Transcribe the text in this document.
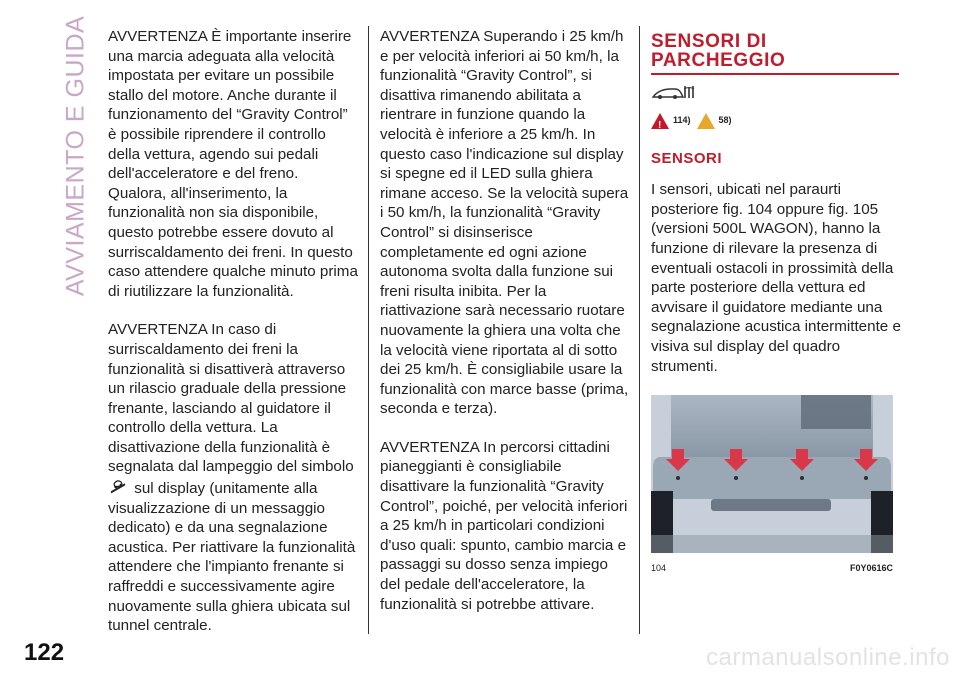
AVVIAMENTO E GUIDA
122

AVVERTENZA È importante inserire una marcia adeguata alla velocità impostata per evitare un possibile stallo del motore. Anche durante il funzionamento del “Gravity Control” è possibile riprendere il controllo della vettura, agendo sui pedali dell'acceleratore e del freno. Qualora, all'inserimento, la funzionalità non sia disponibile, questo potrebbe essere dovuto al surriscaldamento dei freni. In questo caso attendere qualche minuto prima di riutilizzare la funzionalità.

AVVERTENZA In caso di surriscaldamento dei freni la funzionalità si disattiverà attraverso un rilascio graduale della pressione frenante, lasciando al guidatore il controllo della vettura. La disattivazione della funzionalità è segnalata dal lampeggio del simbolo  sul display (unitamente alla visualizzazione di un messaggio dedicato) e da una segnalazione acustica. Per riattivare la funzionalità attendere che l'impianto frenante si raffreddi e successivamente agire nuovamente sulla ghiera ubicata sul tunnel centrale.

AVVERTENZA Superando i 25 km/h e per velocità inferiori ai 50 km/h, la funzionalità “Gravity Control”, si disattiva rimanendo abilitata a rientrare in funzione quando la velocità è inferiore a 25 km/h. In questo caso l'indicazione sul display si spegne ed il LED sulla ghiera rimane acceso. Se la velocità supera i 50 km/h, la funzionalità “Gravity Control” si disinserisce completamente ed ogni azione autonoma svolta dalla funzione sui freni risulta inibita. Per la riattivazione sarà necessario ruotare nuovamente la ghiera una volta che la velocità viene riportata al di sotto dei 25 km/h. È consigliabile usare la funzionalità con marce basse (prima, seconda e terza).

AVVERTENZA In percorsi cittadini pianeggianti è consigliabile disattivare la funzionalità “Gravity Control”, poiché, per velocità inferiori a 25 km/h in particolari condizioni d'uso quali: spunto, cambio marcia e passaggi su dosso senza impiego del pedale dell'acceleratore, la funzionalità si potrebbe attivare.

SENSORI DI
PARCHEGGIO
!
114)	58)
SENSORI

I sensori, ubicati nel paraurti posteriore fig. 104 oppure fig. 105 (versioni 500L WAGON), hanno la funzione di rilevare la presenza di eventuali ostacoli in prossimità della parte posteriore della vettura ed avvisare il guidatore mediante una segnalazione acustica intermittente e visiva sul display del quadro strumenti.

104	F0Y0616C
carmanualsonline.info
